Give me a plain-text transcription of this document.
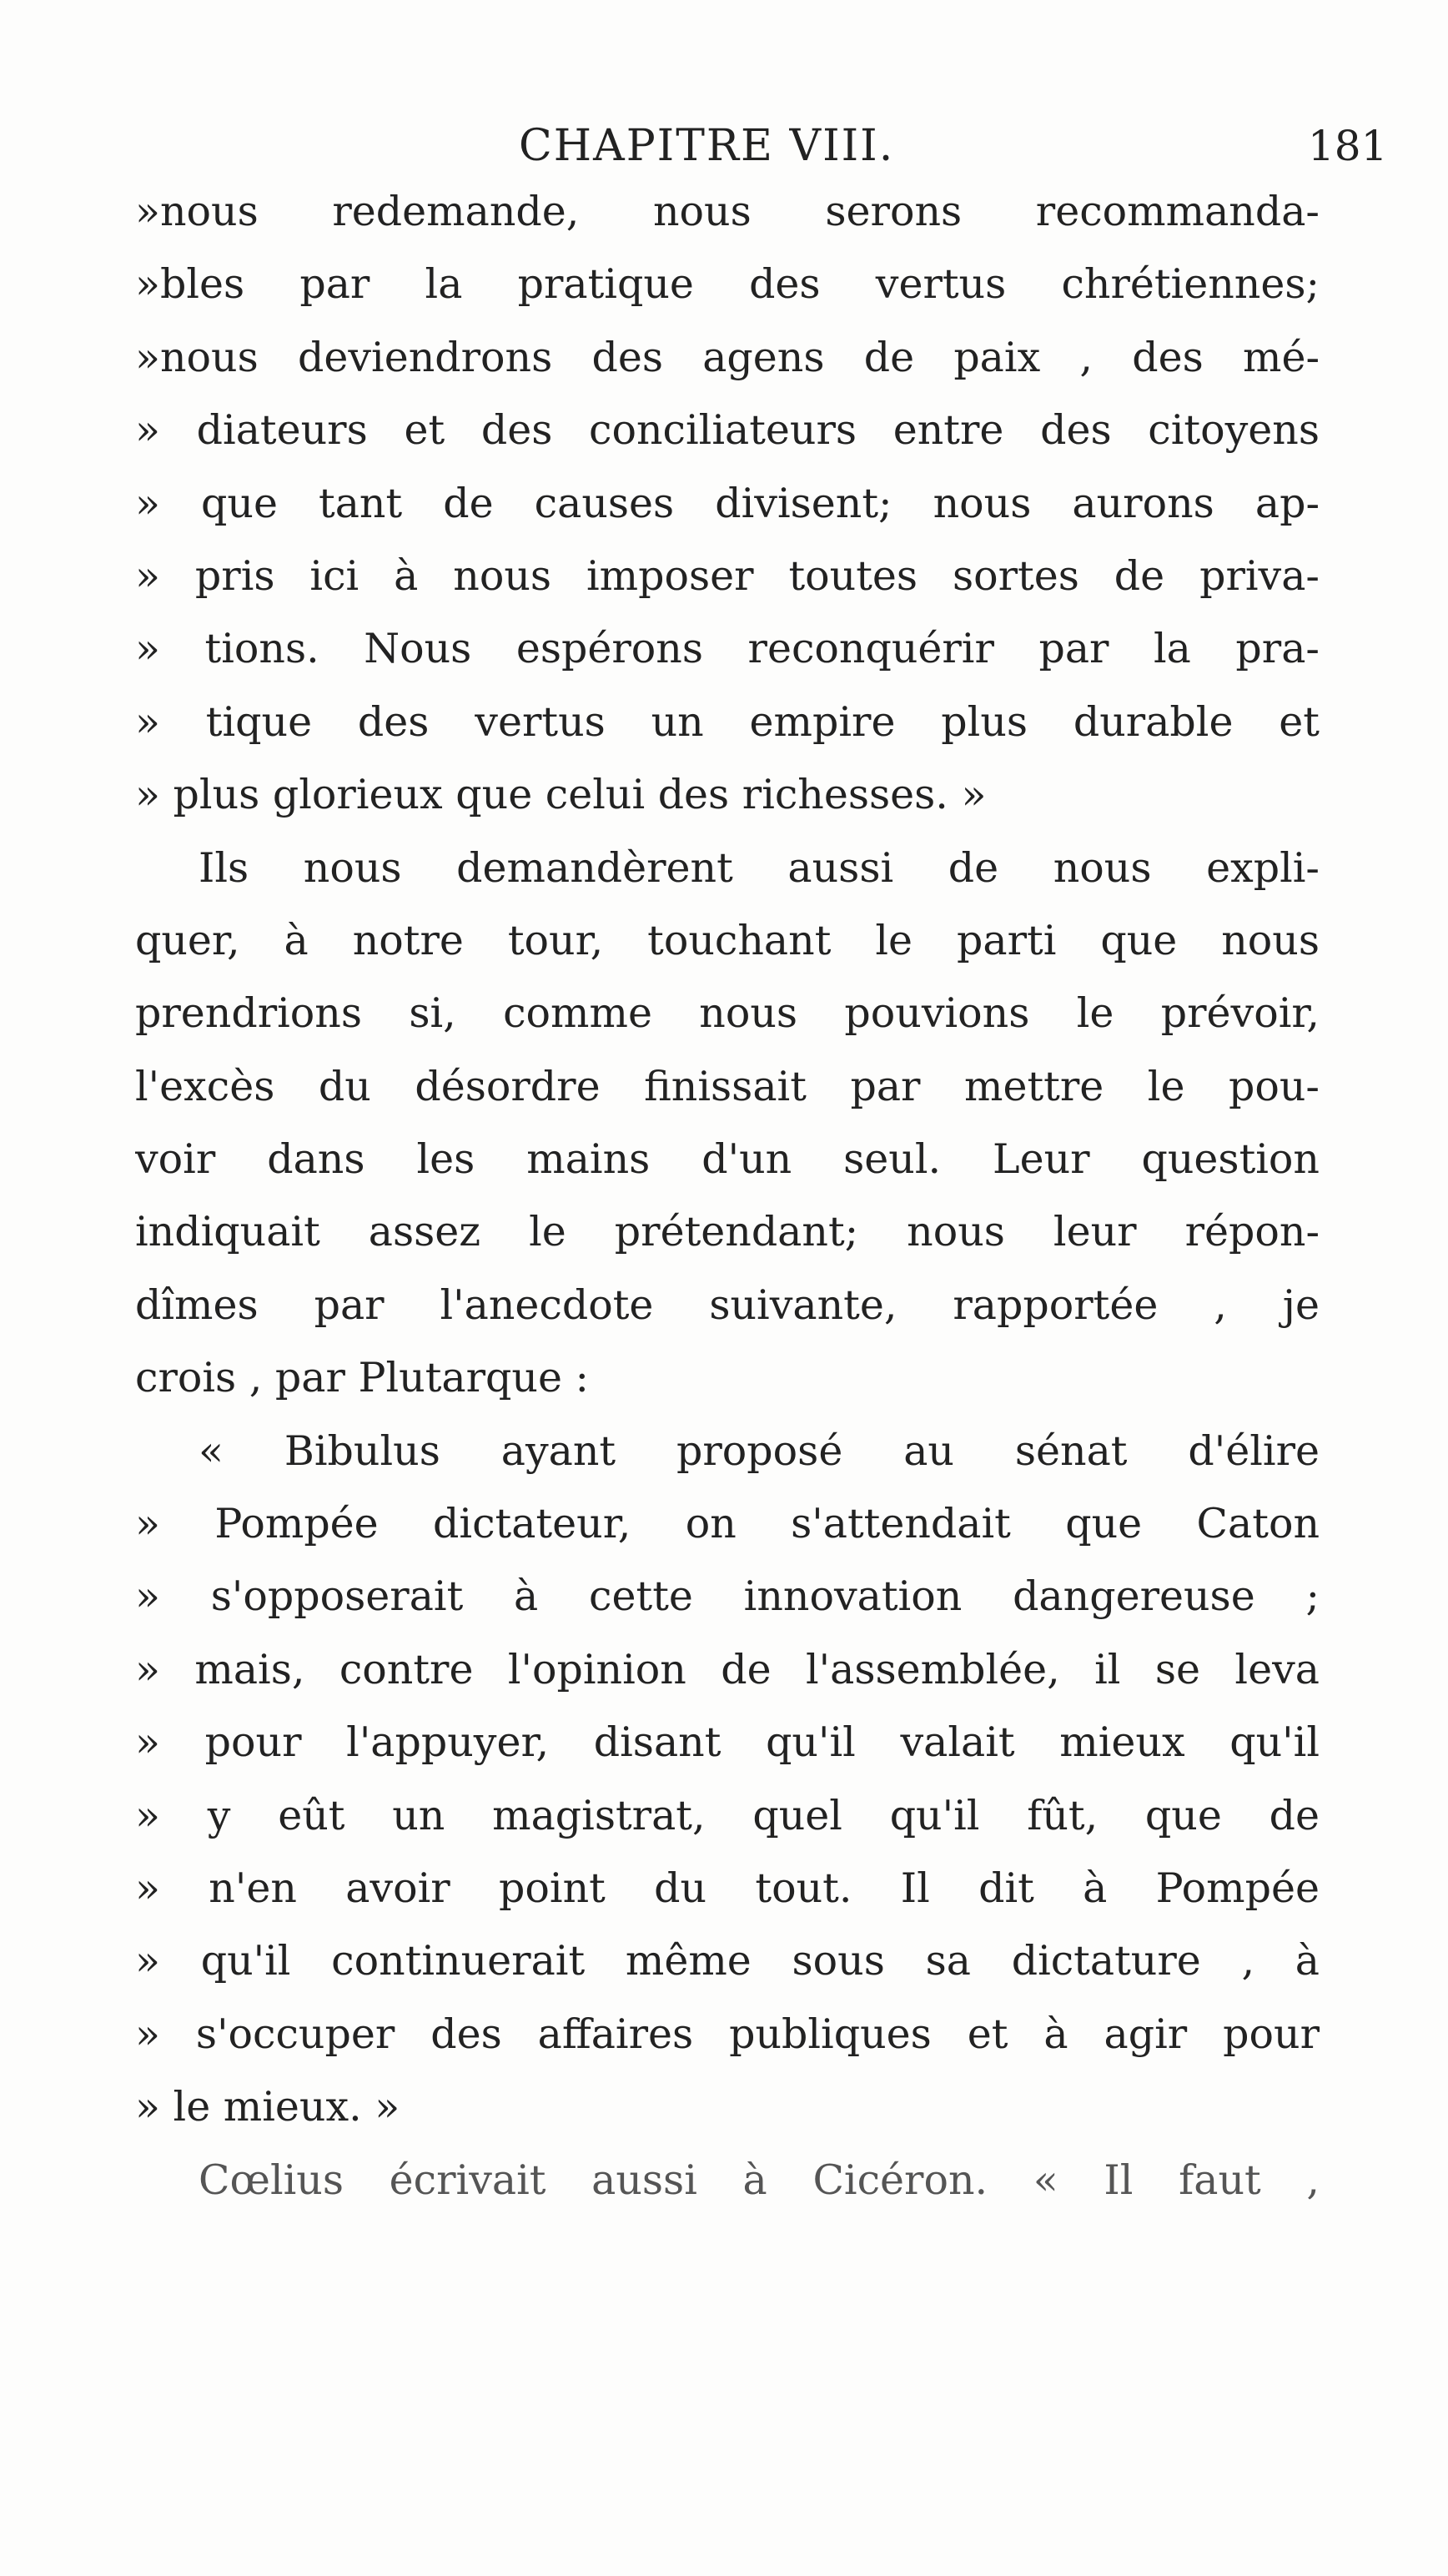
CHAPITRE VIII.	181
»nous redemande, nous serons recommanda-
»bles par la pratique des vertus chrétiennes;
»nous deviendrons des agens de paix , des mé-
» diateurs et des conciliateurs entre des citoyens
» que tant de causes divisent; nous aurons ap-
» pris ici à nous imposer toutes sortes de priva-
» tions. Nous espérons reconquérir par la pra-
» tique des vertus un empire plus durable et
» plus glorieux que celui des richesses. »
Ils nous demandèrent aussi de nous expli-
quer, à notre tour, touchant le parti que nous
prendrions si, comme nous pouvions le prévoir,
l'excès du désordre finissait par mettre le pou-
voir dans les mains d'un seul. Leur question
indiquait assez le prétendant; nous leur répon-
dîmes par l'anecdote suivante, rapportée , je
crois , par Plutarque :
« Bibulus ayant proposé au sénat d'élire
» Pompée dictateur, on s'attendait que Caton
» s'opposerait à cette innovation dangereuse ;
» mais, contre l'opinion de l'assemblée, il se leva
» pour l'appuyer, disant qu'il valait mieux qu'il
» y eût un magistrat, quel qu'il fût, que de
» n'en avoir point du tout. Il dit à Pompée
» qu'il continuerait même sous sa dictature , à
» s'occuper des affaires publiques et à agir pour
» le mieux. »
Cœlius écrivait aussi à Cicéron. « Il faut ,
